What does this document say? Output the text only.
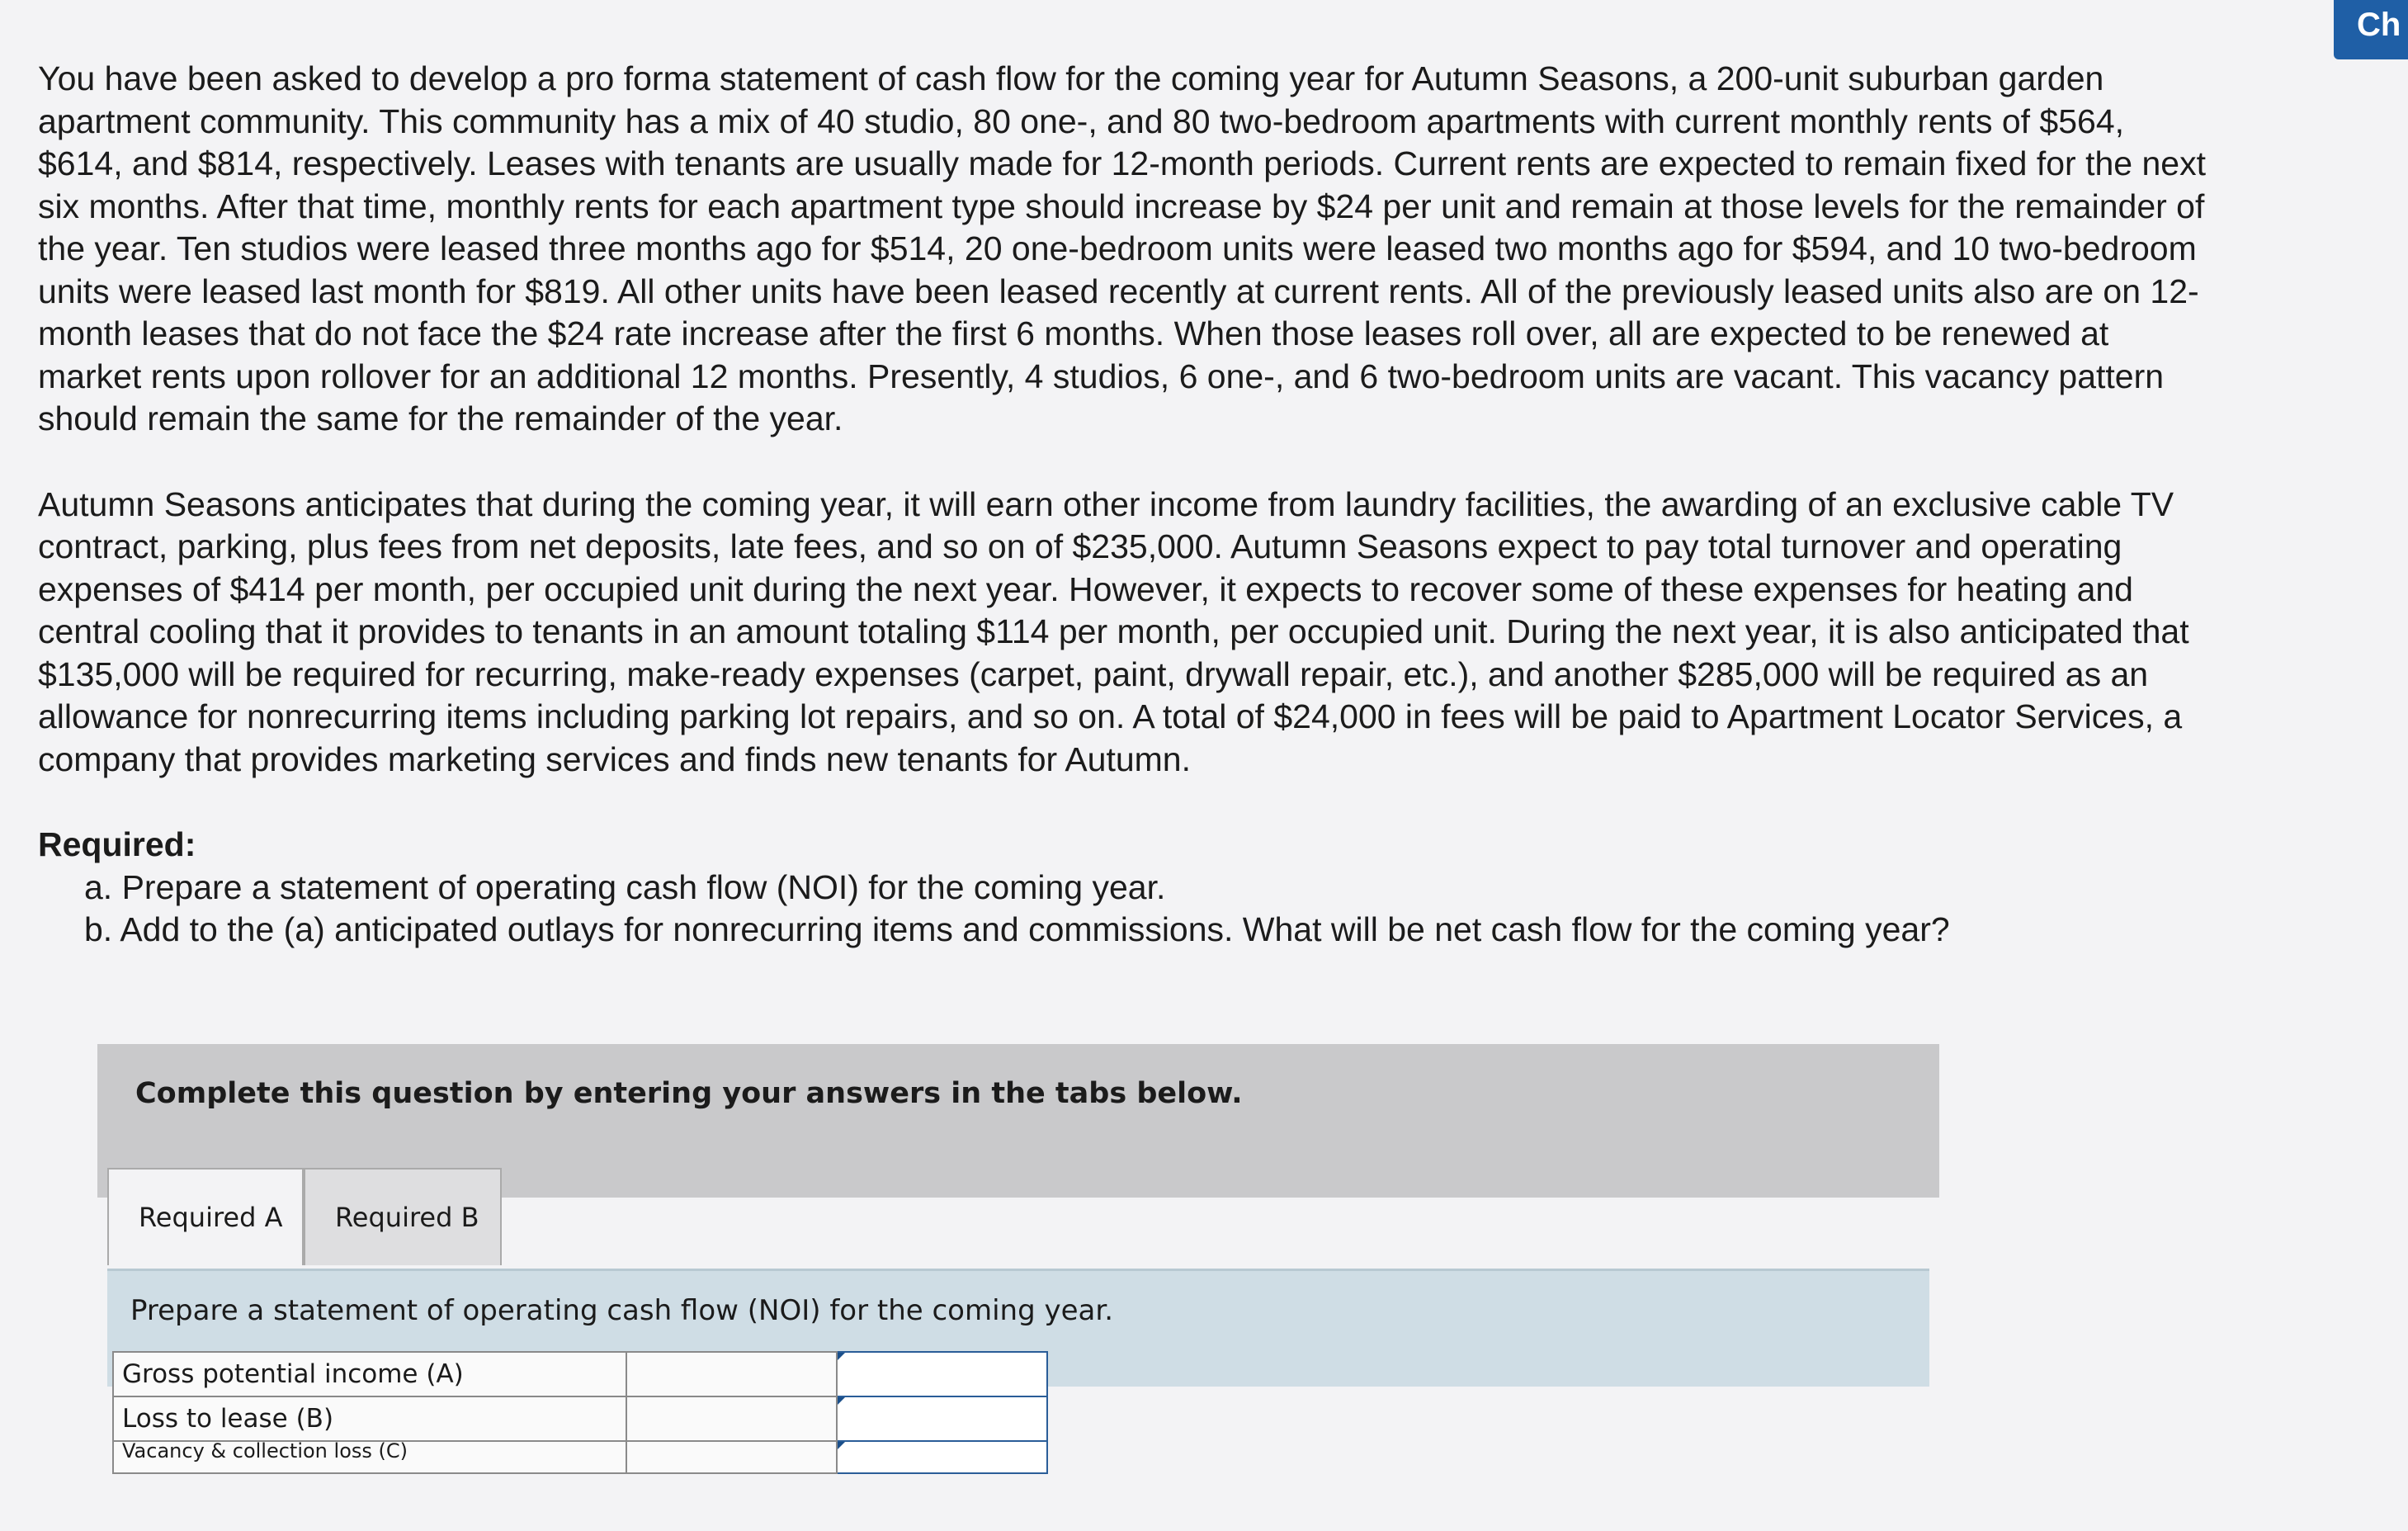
Ch

You have been asked to develop a pro forma statement of cash flow for the coming year for Autumn Seasons, a 200-unit suburban garden apartment community. This community has a mix of 40 studio, 80 one-, and 80 two-bedroom apartments with current monthly rents of $564, $614, and $814, respectively. Leases with tenants are usually made for 12-month periods. Current rents are expected to remain fixed for the next six months. After that time, monthly rents for each apartment type should increase by $24 per unit and remain at those levels for the remainder of the year. Ten studios were leased three months ago for $514, 20 one-bedroom units were leased two months ago for $594, and 10 two-bedroom units were leased last month for $819. All other units have been leased recently at current rents. All of the previously leased units also are on 12-month leases that do not face the $24 rate increase after the first 6 months. When those leases roll over, all are expected to be renewed at market rents upon rollover for an additional 12 months. Presently, 4 studios, 6 one-, and 6 two-bedroom units are vacant. This vacancy pattern should remain the same for the remainder of the year.

Autumn Seasons anticipates that during the coming year, it will earn other income from laundry facilities, the awarding of an exclusive cable TV contract, parking, plus fees from net deposits, late fees, and so on of $235,000. Autumn Seasons expect to pay total turnover and operating expenses of $414 per month, per occupied unit during the next year. However, it expects to recover some of these expenses for heating and central cooling that it provides to tenants in an amount totaling $114 per month, per occupied unit. During the next year, it is also anticipated that $135,000 will be required for recurring, make-ready expenses (carpet, paint, drywall repair, etc.), and another $285,000 will be required as an allowance for nonrecurring items including parking lot repairs, and so on. A total of $24,000 in fees will be paid to Apartment Locator Services, a company that provides marketing services and finds new tenants for Autumn.

Required:
a. Prepare a statement of operating cash flow (NOI) for the coming year.
b. Add to the (a) anticipated outlays for nonrecurring items and commissions. What will be net cash flow for the coming year?
Complete this question by entering your answers in the tabs below.
Required A Required B
Prepare a statement of operating cash flow (NOI) for the coming year.
Gross potential income (A)		
Loss to lease (B)		
Vacancy & collection loss (C)		
